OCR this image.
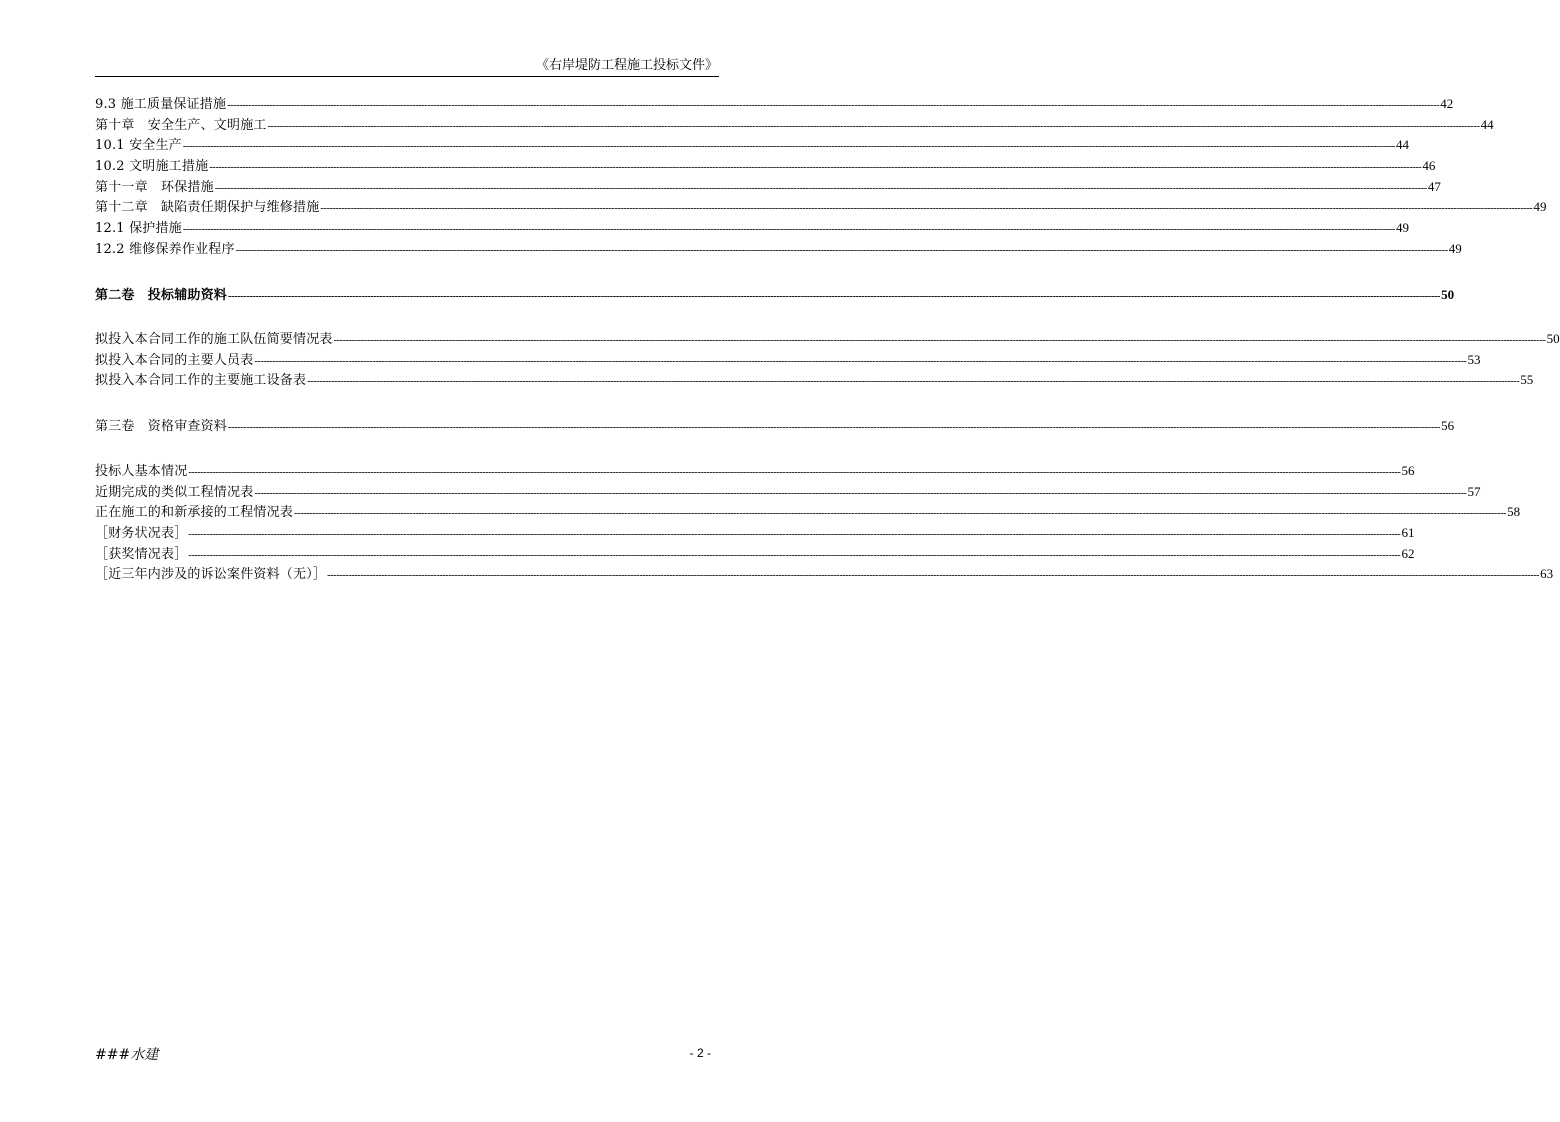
《右岸堤防工程施工投标文件》
9.3 施工质量保证措施 ---------------------------------------------------------------------------------------------------------------------------------------------------------------------------------------------------------------------------------------------------------------------------------------------------------------------------------------------------------------------------------------------------------------- 42
第十章　安全生产、文明施工 ---------------------------------------------------------------------------------------------------------------------------------------------------------------------------------------------------------------------------------------------------------------------------------------------------------------------------------------------------------------------------------------------------------------- 44
10.1 安全生产 ---------------------------------------------------------------------------------------------------------------------------------------------------------------------------------------------------------------------------------------------------------------------------------------------------------------------------------------------------------------------------------------------------------------- 44
10.2 文明施工措施 ---------------------------------------------------------------------------------------------------------------------------------------------------------------------------------------------------------------------------------------------------------------------------------------------------------------------------------------------------------------------------------------------------------------- 46
第十一章　环保措施 ---------------------------------------------------------------------------------------------------------------------------------------------------------------------------------------------------------------------------------------------------------------------------------------------------------------------------------------------------------------------------------------------------------------- 47
第十二章　缺陷责任期保护与维修措施 ---------------------------------------------------------------------------------------------------------------------------------------------------------------------------------------------------------------------------------------------------------------------------------------------------------------------------------------------------------------------------------------------------------------- 49
12.1 保护措施 ---------------------------------------------------------------------------------------------------------------------------------------------------------------------------------------------------------------------------------------------------------------------------------------------------------------------------------------------------------------------------------------------------------------- 49
12.2 维修保养作业程序 ---------------------------------------------------------------------------------------------------------------------------------------------------------------------------------------------------------------------------------------------------------------------------------------------------------------------------------------------------------------------------------------------------------------- 49
第二卷　投标辅助资料 ---------------------------------------------------------------------------------------------------------------------------------------------------------------------------------------------------------------------------------------------------------------------------------------------------------------------------------------------------------------------------------------------------------------- 50
拟投入本合同工作的施工队伍简要情况表 ---------------------------------------------------------------------------------------------------------------------------------------------------------------------------------------------------------------------------------------------------------------------------------------------------------------------------------------------------------------------------------------------------------------- 50
拟投入本合同的主要人员表 ---------------------------------------------------------------------------------------------------------------------------------------------------------------------------------------------------------------------------------------------------------------------------------------------------------------------------------------------------------------------------------------------------------------- 53
拟投入本合同工作的主要施工设备表 ---------------------------------------------------------------------------------------------------------------------------------------------------------------------------------------------------------------------------------------------------------------------------------------------------------------------------------------------------------------------------------------------------------------- 55
第三卷　资格审查资料 ---------------------------------------------------------------------------------------------------------------------------------------------------------------------------------------------------------------------------------------------------------------------------------------------------------------------------------------------------------------------------------------------------------------- 56
投标人基本情况 ---------------------------------------------------------------------------------------------------------------------------------------------------------------------------------------------------------------------------------------------------------------------------------------------------------------------------------------------------------------------------------------------------------------- 56
近期完成的类似工程情况表 ---------------------------------------------------------------------------------------------------------------------------------------------------------------------------------------------------------------------------------------------------------------------------------------------------------------------------------------------------------------------------------------------------------------- 57
正在施工的和新承接的工程情况表 ---------------------------------------------------------------------------------------------------------------------------------------------------------------------------------------------------------------------------------------------------------------------------------------------------------------------------------------------------------------------------------------------------------------- 58
［财务状况表］ ---------------------------------------------------------------------------------------------------------------------------------------------------------------------------------------------------------------------------------------------------------------------------------------------------------------------------------------------------------------------------------------------------------------- 61
［获奖情况表］ ---------------------------------------------------------------------------------------------------------------------------------------------------------------------------------------------------------------------------------------------------------------------------------------------------------------------------------------------------------------------------------------------------------------- 62
［近三年内涉及的诉讼案件资料（无）］ ---------------------------------------------------------------------------------------------------------------------------------------------------------------------------------------------------------------------------------------------------------------------------------------------------------------------------------------------------------------------------------------------------------------- 63
###水建	- 2 -
